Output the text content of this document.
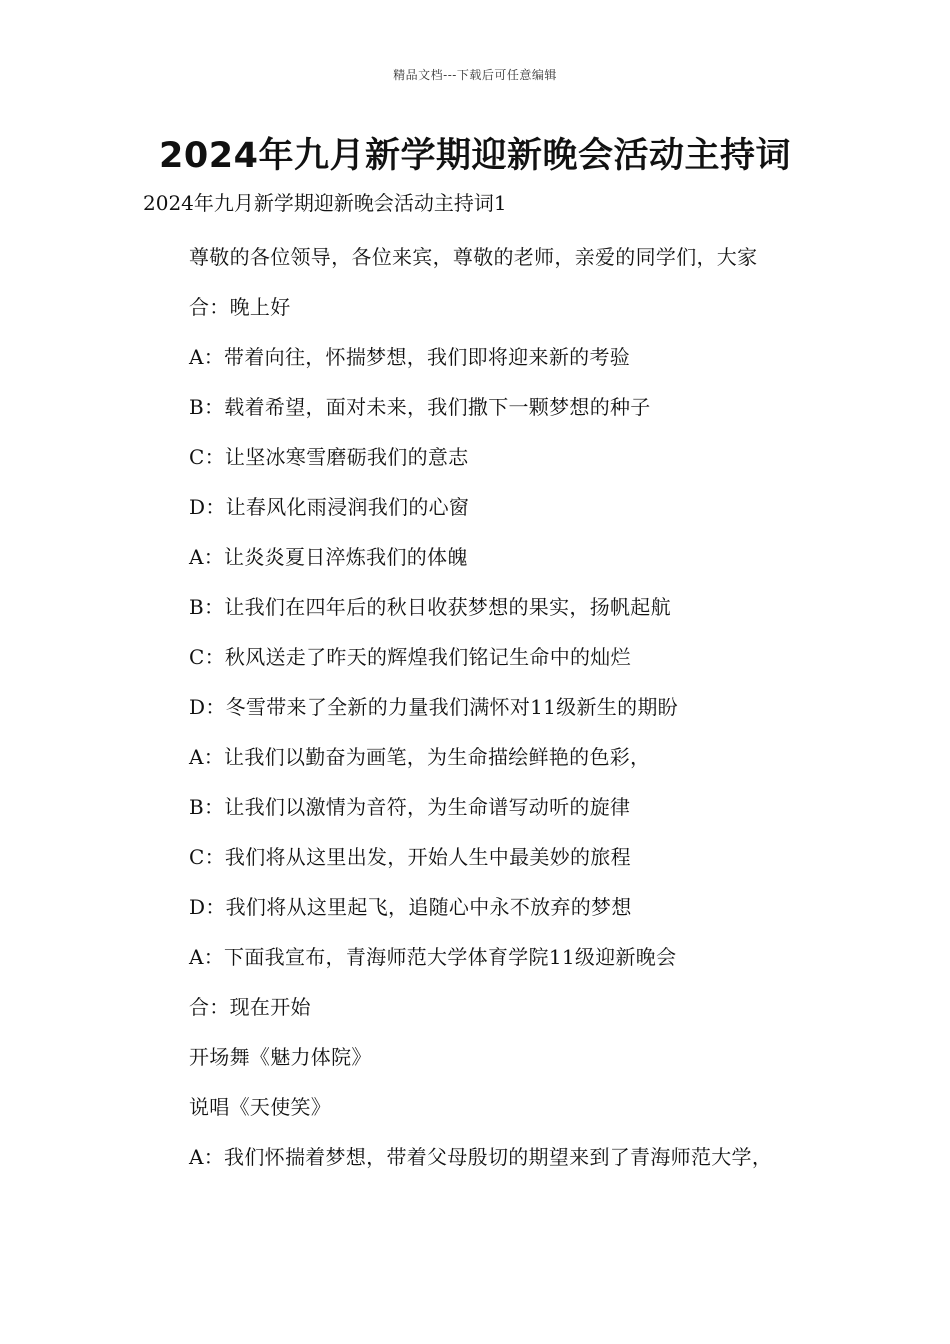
精品文档---下载后可任意编辑
2024年九月新学期迎新晚会活动主持词

2024年九月新学期迎新晚会活动主持词1

尊敬的各位领导，各位来宾，尊敬的老师，亲爱的同学们，大家

合：晚上好

A：带着向往，怀揣梦想，我们即将迎来新的考验

B：载着希望，面对未来，我们撒下一颗梦想的种子

C：让坚冰寒雪磨砺我们的意志

D：让春风化雨浸润我们的心窗

A：让炎炎夏日淬炼我们的体魄

B：让我们在四年后的秋日收获梦想的果实，扬帆起航

C：秋风送走了昨天的辉煌我们铭记生命中的灿烂

D：冬雪带来了全新的力量我们满怀对11级新生的期盼

A：让我们以勤奋为画笔，为生命描绘鲜艳的色彩，

B：让我们以激情为音符，为生命谱写动听的旋律

C：我们将从这里出发，开始人生中最美妙的旅程

D：我们将从这里起飞，追随心中永不放弃的梦想

A：下面我宣布，青海师范大学体育学院11级迎新晚会

合：现在开始

开场舞《魅力体院》

说唱《天使笑》

A：我们怀揣着梦想，带着父母殷切的期望来到了青海师范大学，
